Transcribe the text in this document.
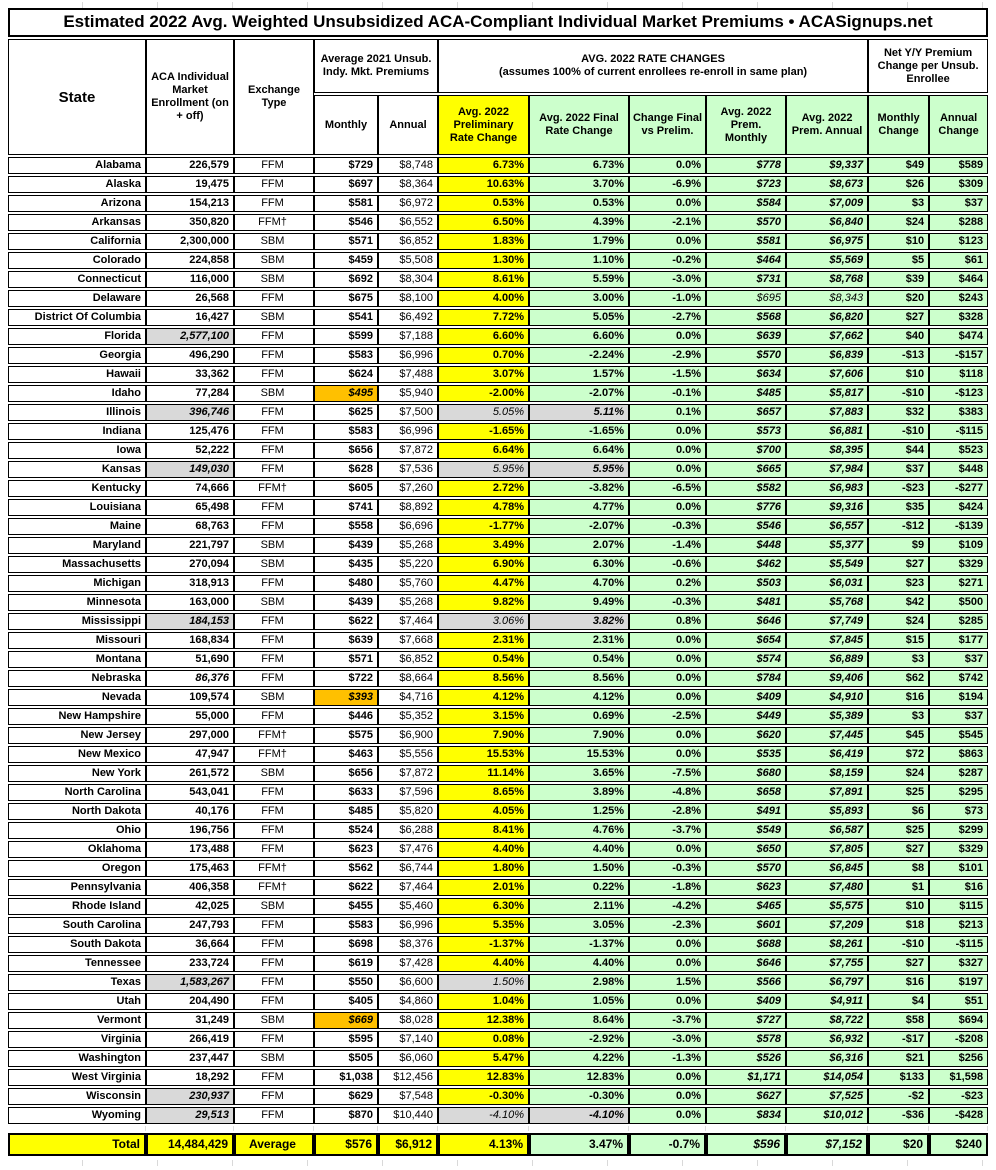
Estimated 2022 Avg. Weighted Unsubsidized ACA-Compliant Individual Market Premiums • ACASignups.net
State	ACA Individual Market Enrollment (on + off)	Exchange Type	Average 2021 Unsub. Indy. Mkt. Premiums		AVG. 2022 RATE CHANGES
(assumes 100% of current enrollees re-enroll in same plan)					Net Y/Y Premium Change per Unsub. Enrollee	
			Monthly	Annual	Avg. 2022 Preliminary Rate Change	Avg. 2022 Final Rate Change	Change Final vs Prelim.	Avg. 2022 Prem. Monthly	Avg. 2022 Prem. Annual	Monthly Change	Annual Change
Alabama	226,579	FFM	$729	$8,748	6.73%	6.73%	0.0%	$778	$9,337	$49	$589
Alaska	19,475	FFM	$697	$8,364	10.63%	3.70%	-6.9%	$723	$8,673	$26	$309
Arizona	154,213	FFM	$581	$6,972	0.53%	0.53%	0.0%	$584	$7,009	$3	$37
Arkansas	350,820	FFM†	$546	$6,552	6.50%	4.39%	-2.1%	$570	$6,840	$24	$288
California	2,300,000	SBM	$571	$6,852	1.83%	1.79%	0.0%	$581	$6,975	$10	$123
Colorado	224,858	SBM	$459	$5,508	1.30%	1.10%	-0.2%	$464	$5,569	$5	$61
Connecticut	116,000	SBM	$692	$8,304	8.61%	5.59%	-3.0%	$731	$8,768	$39	$464
Delaware	26,568	FFM	$675	$8,100	4.00%	3.00%	-1.0%	$695	$8,343	$20	$243
District Of Columbia	16,427	SBM	$541	$6,492	7.72%	5.05%	-2.7%	$568	$6,820	$27	$328
Florida	2,577,100	FFM	$599	$7,188	6.60%	6.60%	0.0%	$639	$7,662	$40	$474
Georgia	496,290	FFM	$583	$6,996	0.70%	-2.24%	-2.9%	$570	$6,839	-$13	-$157
Hawaii	33,362	FFM	$624	$7,488	3.07%	1.57%	-1.5%	$634	$7,606	$10	$118
Idaho	77,284	SBM	$495	$5,940	-2.00%	-2.07%	-0.1%	$485	$5,817	-$10	-$123
Illinois	396,746	FFM	$625	$7,500	5.05%	5.11%	0.1%	$657	$7,883	$32	$383
Indiana	125,476	FFM	$583	$6,996	-1.65%	-1.65%	0.0%	$573	$6,881	-$10	-$115
Iowa	52,222	FFM	$656	$7,872	6.64%	6.64%	0.0%	$700	$8,395	$44	$523
Kansas	149,030	FFM	$628	$7,536	5.95%	5.95%	0.0%	$665	$7,984	$37	$448
Kentucky	74,666	FFM†	$605	$7,260	2.72%	-3.82%	-6.5%	$582	$6,983	-$23	-$277
Louisiana	65,498	FFM	$741	$8,892	4.78%	4.77%	0.0%	$776	$9,316	$35	$424
Maine	68,763	FFM	$558	$6,696	-1.77%	-2.07%	-0.3%	$546	$6,557	-$12	-$139
Maryland	221,797	SBM	$439	$5,268	3.49%	2.07%	-1.4%	$448	$5,377	$9	$109
Massachusetts	270,094	SBM	$435	$5,220	6.90%	6.30%	-0.6%	$462	$5,549	$27	$329
Michigan	318,913	FFM	$480	$5,760	4.47%	4.70%	0.2%	$503	$6,031	$23	$271
Minnesota	163,000	SBM	$439	$5,268	9.82%	9.49%	-0.3%	$481	$5,768	$42	$500
Mississippi	184,153	FFM	$622	$7,464	3.06%	3.82%	0.8%	$646	$7,749	$24	$285
Missouri	168,834	FFM	$639	$7,668	2.31%	2.31%	0.0%	$654	$7,845	$15	$177
Montana	51,690	FFM	$571	$6,852	0.54%	0.54%	0.0%	$574	$6,889	$3	$37
Nebraska	86,376	FFM	$722	$8,664	8.56%	8.56%	0.0%	$784	$9,406	$62	$742
Nevada	109,574	SBM	$393	$4,716	4.12%	4.12%	0.0%	$409	$4,910	$16	$194
New Hampshire	55,000	FFM	$446	$5,352	3.15%	0.69%	-2.5%	$449	$5,389	$3	$37
New Jersey	297,000	FFM†	$575	$6,900	7.90%	7.90%	0.0%	$620	$7,445	$45	$545
New Mexico	47,947	FFM†	$463	$5,556	15.53%	15.53%	0.0%	$535	$6,419	$72	$863
New York	261,572	SBM	$656	$7,872	11.14%	3.65%	-7.5%	$680	$8,159	$24	$287
North Carolina	543,041	FFM	$633	$7,596	8.65%	3.89%	-4.8%	$658	$7,891	$25	$295
North Dakota	40,176	FFM	$485	$5,820	4.05%	1.25%	-2.8%	$491	$5,893	$6	$73
Ohio	196,756	FFM	$524	$6,288	8.41%	4.76%	-3.7%	$549	$6,587	$25	$299
Oklahoma	173,488	FFM	$623	$7,476	4.40%	4.40%	0.0%	$650	$7,805	$27	$329
Oregon	175,463	FFM†	$562	$6,744	1.80%	1.50%	-0.3%	$570	$6,845	$8	$101
Pennsylvania	406,358	FFM†	$622	$7,464	2.01%	0.22%	-1.8%	$623	$7,480	$1	$16
Rhode Island	42,025	SBM	$455	$5,460	6.30%	2.11%	-4.2%	$465	$5,575	$10	$115
South Carolina	247,793	FFM	$583	$6,996	5.35%	3.05%	-2.3%	$601	$7,209	$18	$213
South Dakota	36,664	FFM	$698	$8,376	-1.37%	-1.37%	0.0%	$688	$8,261	-$10	-$115
Tennessee	233,724	FFM	$619	$7,428	4.40%	4.40%	0.0%	$646	$7,755	$27	$327
Texas	1,583,267	FFM	$550	$6,600	1.50%	2.98%	1.5%	$566	$6,797	$16	$197
Utah	204,490	FFM	$405	$4,860	1.04%	1.05%	0.0%	$409	$4,911	$4	$51
Vermont	31,249	SBM	$669	$8,028	12.38%	8.64%	-3.7%	$727	$8,722	$58	$694
Virginia	266,419	FFM	$595	$7,140	0.08%	-2.92%	-3.0%	$578	$6,932	-$17	-$208
Washington	237,447	SBM	$505	$6,060	5.47%	4.22%	-1.3%	$526	$6,316	$21	$256
West Virginia	18,292	FFM	$1,038	$12,456	12.83%	12.83%	0.0%	$1,171	$14,054	$133	$1,598
Wisconsin	230,937	FFM	$629	$7,548	-0.30%	-0.30%	0.0%	$627	$7,525	-$2	-$23
Wyoming	29,513	FFM	$870	$10,440	-4.10%	-4.10%	0.0%	$834	$10,012	-$36	-$428

Total	14,484,429	Average	$576	$6,912	4.13%	3.47%	-0.7%	$596	$7,152	$20	$240
